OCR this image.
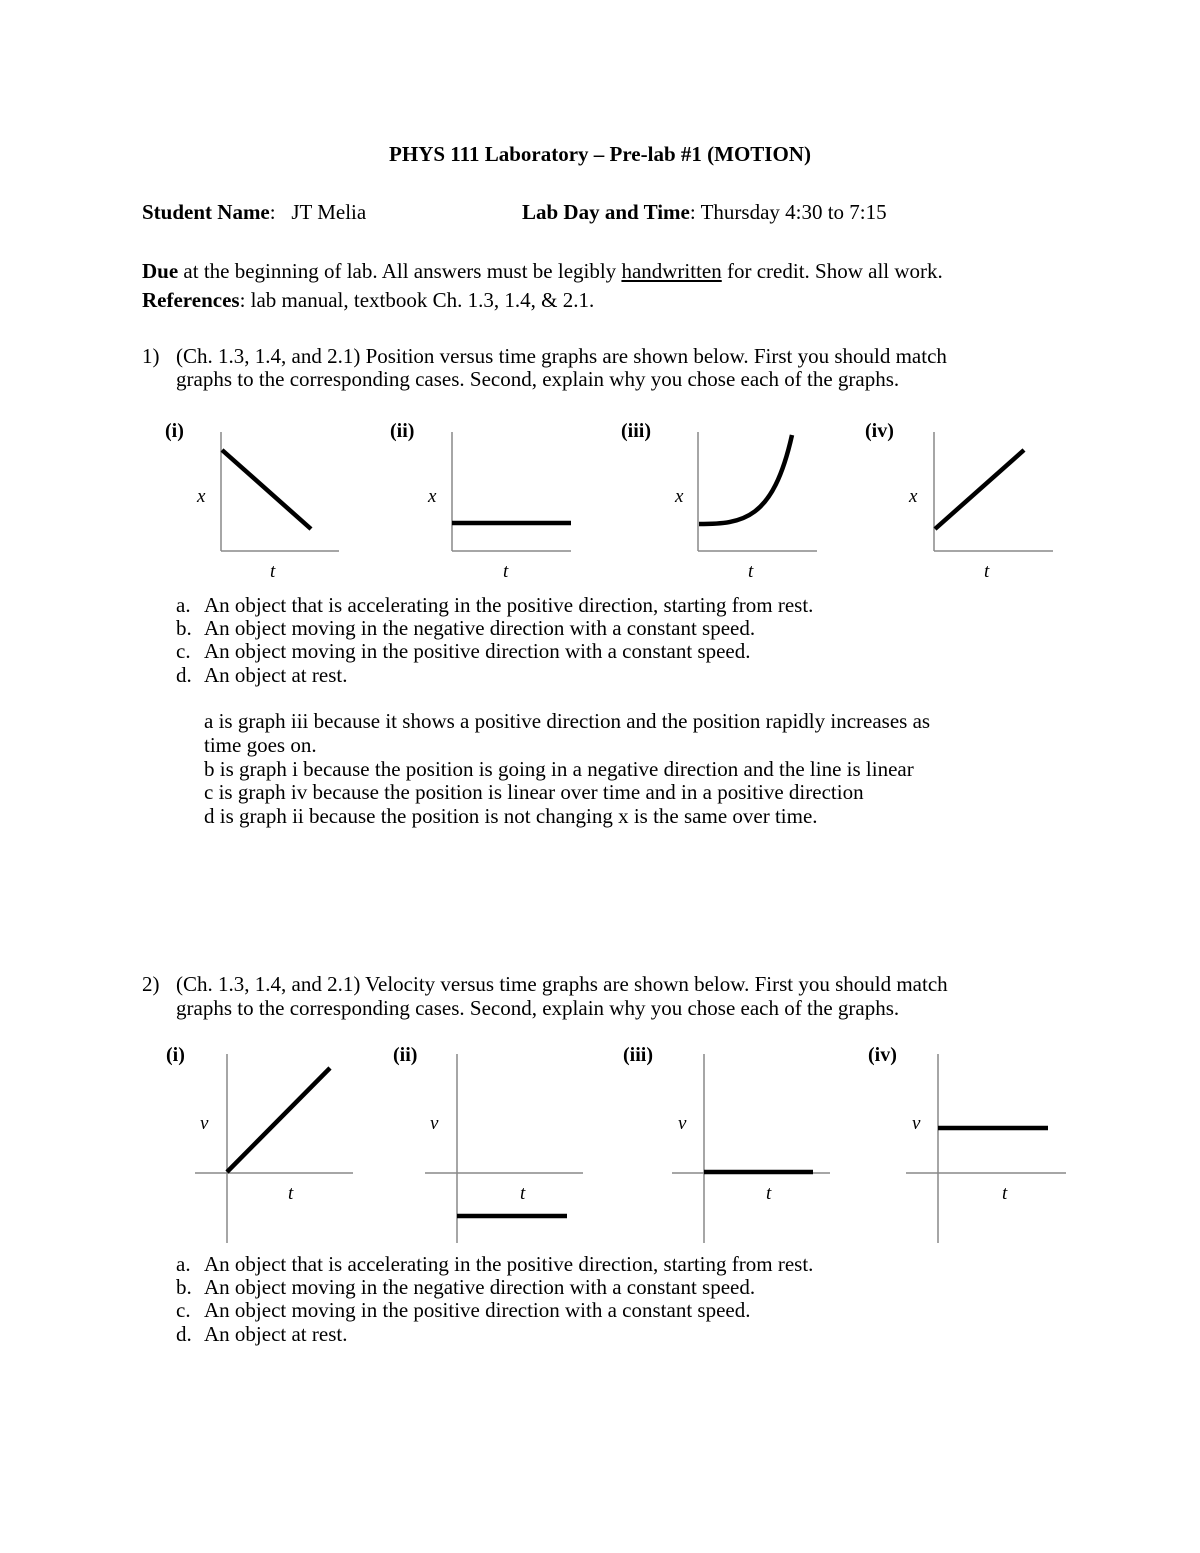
PHYS 111 Laboratory – Pre-lab #1 (MOTION)
Student Name:   JT Melia	Lab Day and Time: Thursday 4:30 to 7:15
Due at the beginning of lab. All answers must be legibly handwritten for credit. Show all work.
References: lab manual, textbook Ch. 1.3, 1.4, & 2.1.
1) (Ch. 1.3, 1.4, and 2.1) Position versus time graphs are shown below. First you should match
graphs to the corresponding cases. Second, explain why you chose each of the graphs.
(i)
x
t
(ii)
x
t
(iii)
x
t
(iv)
x
t
a. An object that is accelerating in the positive direction, starting from rest.
b. An object moving in the negative direction with a constant speed.
c. An object moving in the positive direction with a constant speed.
d. An object at rest.
a is graph iii because it shows a positive direction and the position rapidly increases as
time goes on.
b is graph i because the position is going in a negative direction and the line is linear
c is graph iv because the position is linear over time and in a positive direction
d is graph ii because the position is not changing x is the same over time.
2) (Ch. 1.3, 1.4, and 2.1) Velocity versus time graphs are shown below. First you should match
graphs to the corresponding cases. Second, explain why you chose each of the graphs.
(i)
v
t
(ii)
v
t
(iii)
v
t
(iv)
v
t
a. An object that is accelerating in the positive direction, starting from rest.
b. An object moving in the negative direction with a constant speed.
c. An object moving in the positive direction with a constant speed.
d. An object at rest.
